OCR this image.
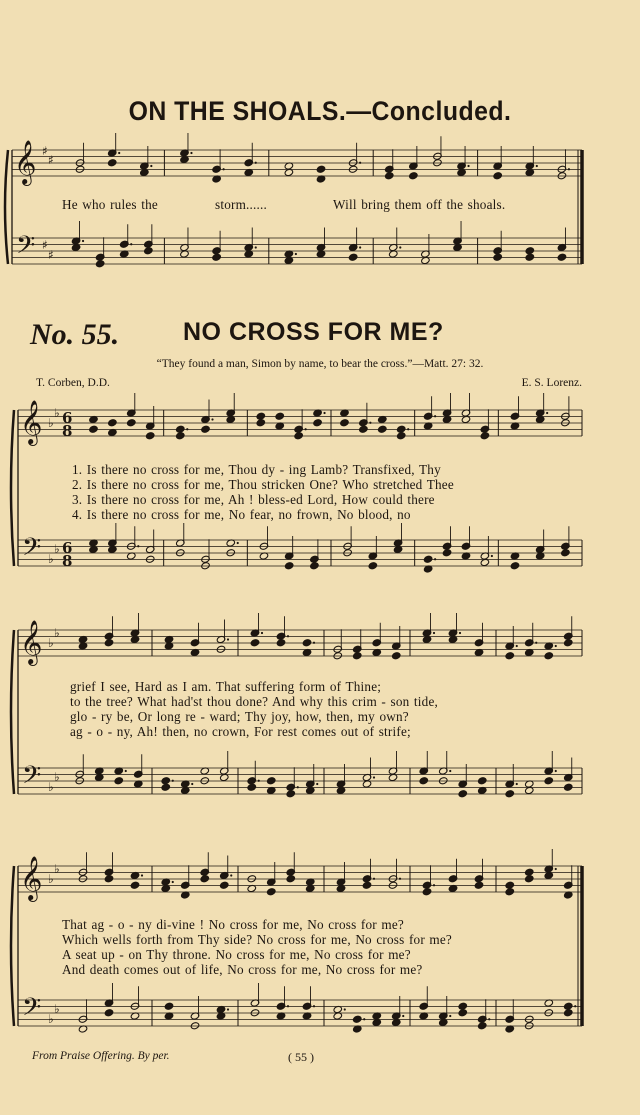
𝄞
𝄢
♯
♯
♯
♯
𝄞
𝄢
♭
♭
♭
♭
6
8
6
8
𝄞
𝄢
♭
♭
♭
♭
𝄞
𝄢
♭
♭
♭
♭
ON THE SHOALS.—Concluded.
He who rules the	storm......	Will bring them off the shoals.
No. 55.	NO CROSS FOR ME?
“They found a man, Simon by name, to bear the cross.”—Matt. 27: 32.
T. Corben, D.D.	E. S. Lorenz.
1. Is there no cross for me, Thou dy - ing Lamb? Transfixed, Thy
2. Is there no cross for me, Thou stricken One? Who stretched Thee
3. Is there no cross for me, Ah ! bless-ed Lord, How could there
4. Is there no cross for me, No fear, no frown, No blood, no
grief I see, Hard as I am. That suffering form of Thine;
to the tree? What had'st thou done? And why this crim - son tide,
glo - ry be, Or long re - ward; Thy joy, how, then, my own?
ag - o - ny, Ah! then, no crown, For rest comes out of strife;
That ag - o - ny di-vine ! No cross for me, No cross for me?
Which wells forth from Thy side? No cross for me, No cross for me?
A seat up - on Thy throne. No cross for me, No cross for me?
And death comes out of life, No cross for me, No cross for me?
From Praise Offering. By per.	( 55 )
